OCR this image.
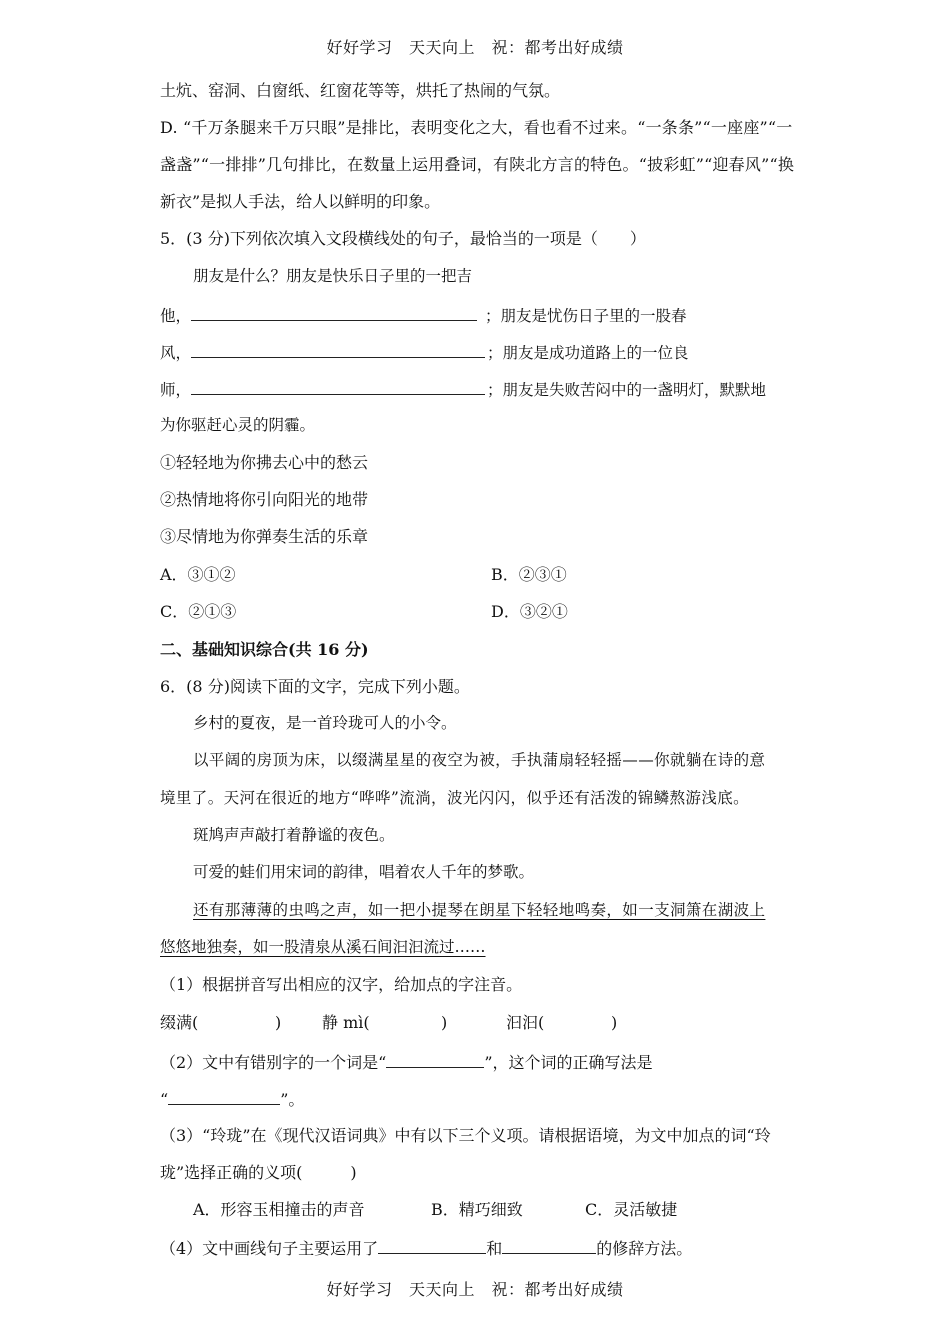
好好学习　天天向上　祝：都考出好成绩
土炕、窑洞、白窗纸、红窗花等等，烘托了热闹的气氛。
D. “千万条腿来千万只眼”是排比，表明变化之大，看也看不过来。“一条条”“一座座”“一
盏盏”“一排排”几句排比，在数量上运用叠词，有陕北方言的特色。“披彩虹”“迎春风”“换
新衣”是拟人手法，给人以鲜明的印象。
5．(3 分)下列依次填入文段横线处的句子，最恰当的一项是（　　）
朋友是什么？朋友是快乐日子里的一把吉
他，	；朋友是忧伤日子里的一股春
风，	；朋友是成功道路上的一位良
师，	；朋友是失败苦闷中的一盏明灯，默默地
为你驱赶心灵的阴霾。
①轻轻地为你拂去心中的愁云
②热情地将你引向阳光的地带
③尽情地为你弹奏生活的乐章
A．③①②	B．②③①
C．②①③	D．③②①
二、基础知识综合(共 16 分)
6．(8 分)阅读下面的文字，完成下列小题。
乡村的夏夜，是一首玲珑可人的小令。
以平阔的房顶为床，以缀满星星的夜空为被，手执蒲扇轻轻摇——你就躺在诗的意
境里了。天河在很近的地方“哗哗”流淌，波光闪闪，似乎还有活泼的锦鳞熬游浅底。
斑鸠声声敲打着静谧的夜色。
可爱的蛙们用宋词的韵律，唱着农人千年的梦歌。
还有那薄薄的虫鸣之声，如一把小提琴在朗星下轻轻地鸣奏，如一支洞箫在湖波上
悠悠地独奏，如一股清泉从溪石间汩汩流过……
（1）根据拼音写出相应的汉字，给加点的字注音。
缀满(	)	静 mì(	)	汩汩(	)
（2）文中有错别字的一个词是“	”，这个词的正确写法是
“	”。
（3）“玲珑”在《现代汉语词典》中有以下三个义项。请根据语境，为文中加点的词“玲
珑”选择正确的义项(　　　)
A．形容玉相撞击的声音	B．精巧细致	C．灵活敏捷
（4）文中画线句子主要运用了	和	的修辞方法。
好好学习　天天向上　祝：都考出好成绩
